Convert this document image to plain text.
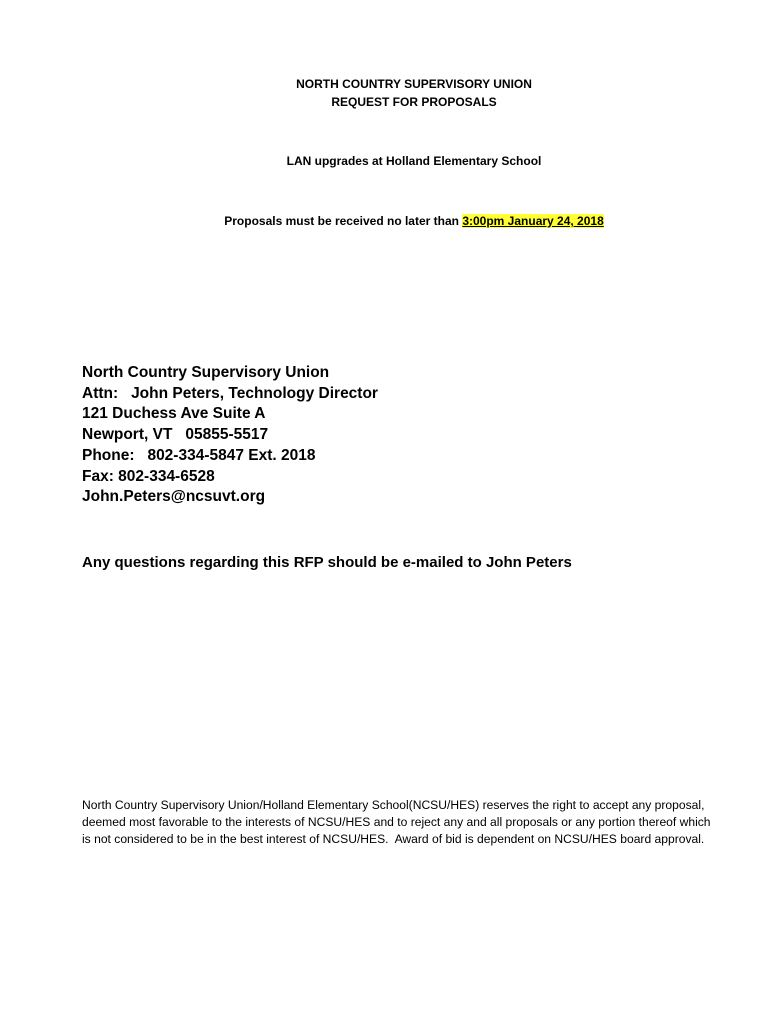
NORTH COUNTRY SUPERVISORY UNION
REQUEST FOR PROPOSALS
LAN upgrades at Holland Elementary School
Proposals must be received no later than 3:00pm January 24, 2018
North Country Supervisory Union
Attn:   John Peters, Technology Director
121 Duchess Ave Suite A
Newport, VT   05855-5517
Phone:   802-334-5847 Ext. 2018
Fax: 802-334-6528
John.Peters@ncsuvt.org
Any questions regarding this RFP should be e-mailed to John Peters
North Country Supervisory Union/Holland Elementary School(NCSU/HES) reserves the right to accept any proposal,
deemed most favorable to the interests of NCSU/HES and to reject any and all proposals or any portion thereof which
is not considered to be in the best interest of NCSU/HES.  Award of bid is dependent on NCSU/HES board approval.
